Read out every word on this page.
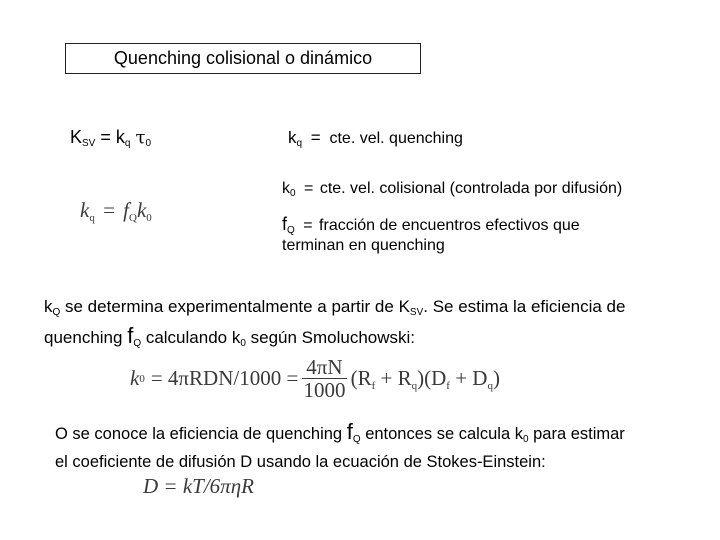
Quenching colisional o dinámico
$K_{SV} = k_q$ $\tau_0$	$k_q$ = cte. vel. quenching
$k_0$ = cte. vel. colisional (controlada por difusión)
$f_Q$ = fracción de encuentros efectivos que
terminan en quenching
$k_q = f_Qk_0$
$k_Q$ se determina experimentalmente a partir de $K_{SV}$. Se estima la eficiencia de
quenching $f_Q$ calculando $k_0$ según Smoluchowski:
k $0 = 4\pi RDN/1000 = \frac{4\pi N}{1000} (R_f + R_q)(D_f + D_q)$
O se conoce la eficiencia de quenching $f_Q$ entonces se calcula $k_0$ para estimar
el coeficiente de difusión D usando la ecuación de Stokes-Einstein:
D = kT/6πηR
